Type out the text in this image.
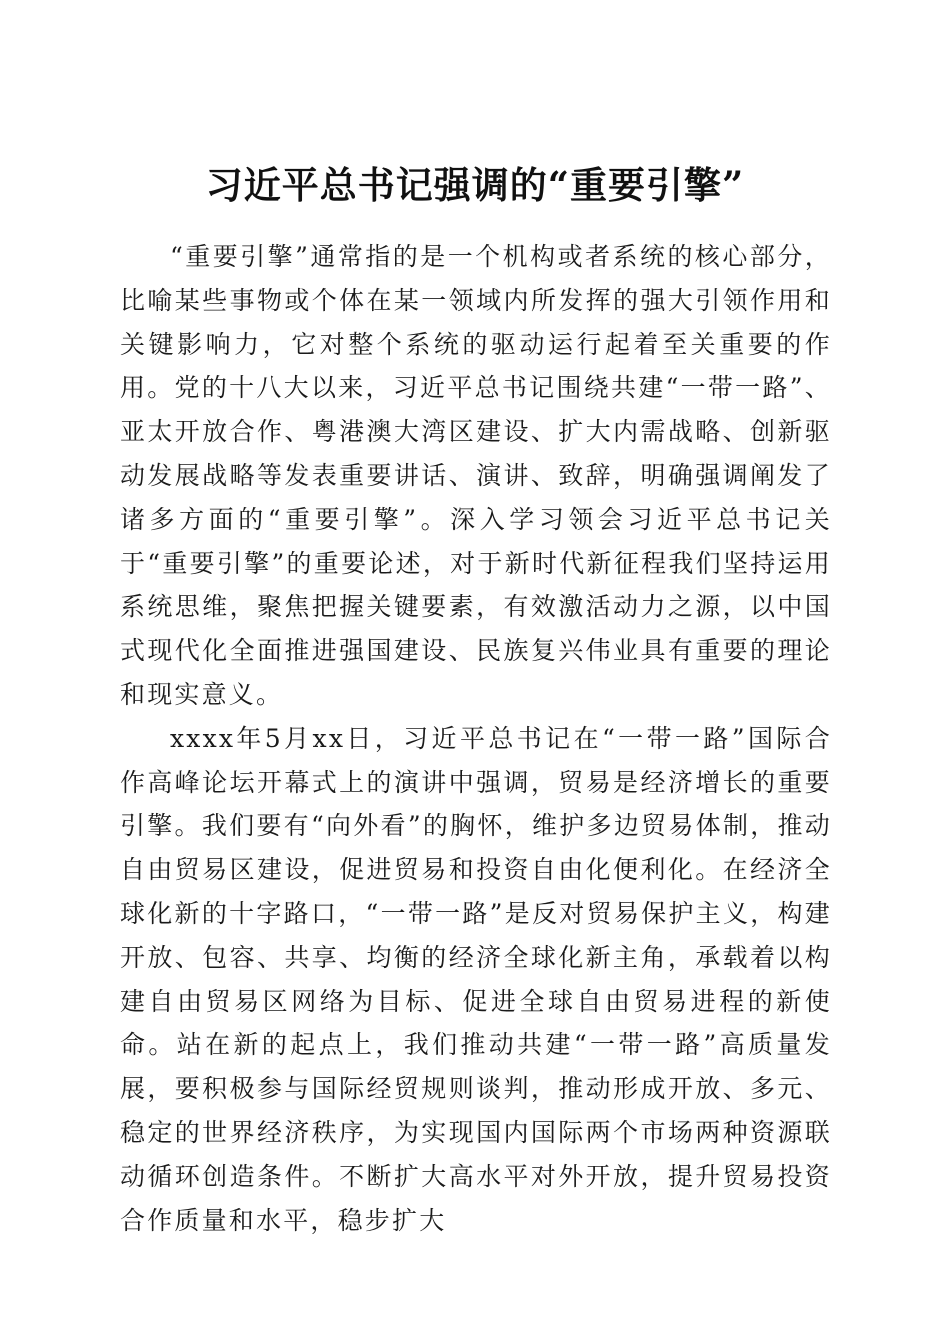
习近平总书记强调的“重要引擎”

“重要引擎”通常指的是一个机构或者系统的核心部分，比喻某些事物或个体在某一领域内所发挥的强大引领作用和关键影响力，它对整个系统的驱动运行起着至关重要的作用。党的十八大以来，习近平总书记围绕共建“一带一路”、亚太开放合作、粤港澳大湾区建设、扩大内需战略、创新驱动发展战略等发表重要讲话、演讲、致辞，明确强调阐发了诸多方面的“重要引擎”。深入学习领会习近平总书记关于“重要引擎”的重要论述，对于新时代新征程我们坚持运用系统思维，聚焦把握关键要素，有效激活动力之源，以中国式现代化全面推进强国建设、民族复兴伟业具有重要的理论和现实意义。

xxxx年5月xx日，习近平总书记在“一带一路”国际合作高峰论坛开幕式上的演讲中强调，贸易是经济增长的重要引擎。我们要有“向外看”的胸怀，维护多边贸易体制，推动自由贸易区建设，促进贸易和投资自由化便利化。在经济全球化新的十字路口，“一带一路”是反对贸易保护主义，构建开放、包容、共享、均衡的经济全球化新主角，承载着以构建自由贸易区网络为目标、促进全球自由贸易进程的新使命。站在新的起点上，我们推动共建“一带一路”高质量发展，要积极参与国际经贸规则谈判，推动形成开放、多元、稳定的世界经济秩序，为实现国内国际两个市场两种资源联动循环创造条件。不断扩大高水平对外开放，提升贸易投资合作质量和水平，稳步扩大
